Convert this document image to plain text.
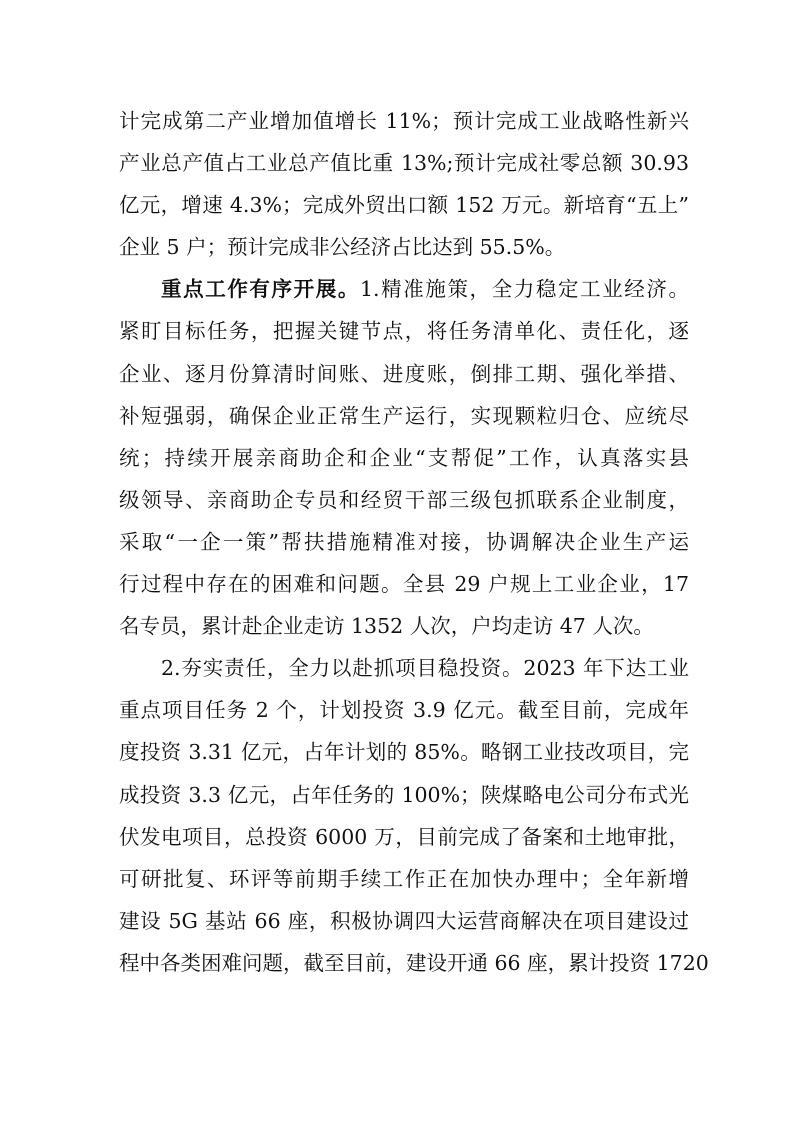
计完成第二产业增加值增长 11%；预计完成工业战略性新兴
产业总产值占工业总产值比重 13%;预计完成社零总额 30.93
亿元，增速 4.3%；完成外贸出口额 152 万元。新培育“五上”
企业 5 户；预计完成非公经济占比达到 55.5%。
重点工作有序开展。1.精准施策，全力稳定工业经济。
紧盯目标任务，把握关键节点，将任务清单化、责任化，逐
企业、逐月份算清时间账、进度账，倒排工期、强化举措、
补短强弱，确保企业正常生产运行，实现颗粒归仓、应统尽
统；持续开展亲商助企和企业“支帮促”工作，认真落实县
级领导、亲商助企专员和经贸干部三级包抓联系企业制度，
采取“一企一策”帮扶措施精准对接，协调解决企业生产运
行过程中存在的困难和问题。全县 29 户规上工业企业，17
名专员，累计赴企业走访 1352 人次，户均走访 47 人次。
2.夯实责任，全力以赴抓项目稳投资。2023 年下达工业
重点项目任务 2 个，计划投资 3.9 亿元。截至目前，完成年
度投资 3.31 亿元，占年计划的 85%。略钢工业技改项目，完
成投资 3.3 亿元，占年任务的 100%；陕煤略电公司分布式光
伏发电项目，总投资 6000 万，目前完成了备案和土地审批，
可研批复、环评等前期手续工作正在加快办理中；全年新增
建设 5G 基站 66 座，积极协调四大运营商解决在项目建设过
程中各类困难问题，截至目前，建设开通 66 座，累计投资 1720
